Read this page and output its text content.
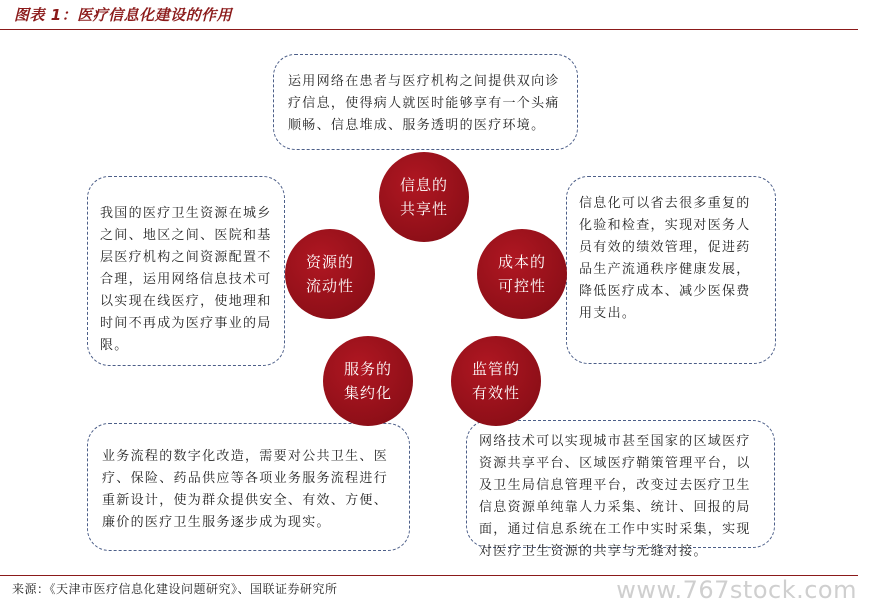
图表 1：医疗信息化建设的作用
运用网络在患者与医疗机构之间提供双向诊疗信息，使得病人就医时能够享有一个头痛顺畅、信息堆成、服务透明的医疗环境。
信息化可以省去很多重复的化验和检查，实现对医务人员有效的绩效管理，促进药品生产流通秩序健康发展，降低医疗成本、减少医保费用支出。
网络技术可以实现城市甚至国家的区域医疗资源共享平台、区域医疗鞘策管理平台，以及卫生局信息管理平台，改变过去医疗卫生信息资源单纯靠人力采集、统计、回报的局面，通过信息系统在工作中实时采集，实现对医疗卫生资源的共享与无缝对接。
业务流程的数字化改造，需要对公共卫生、医疗、保险、药品供应等各项业务服务流程进行重新设计，使为群众提供安全、有效、方便、廉价的医疗卫生服务逐步成为现实。
我国的医疗卫生资源在城乡之间、地区之间、医院和基层医疗机构之间资源配置不合理，运用网络信息技术可以实现在线医疗，使地理和时间不再成为医疗事业的局限。
信息的
共享性
成本的
可控性
监管的
有效性
服务的
集约化
资源的
流动性
来源：《天津市医疗信息化建设问题研究》、国联证券研究所	www.767stock.com
